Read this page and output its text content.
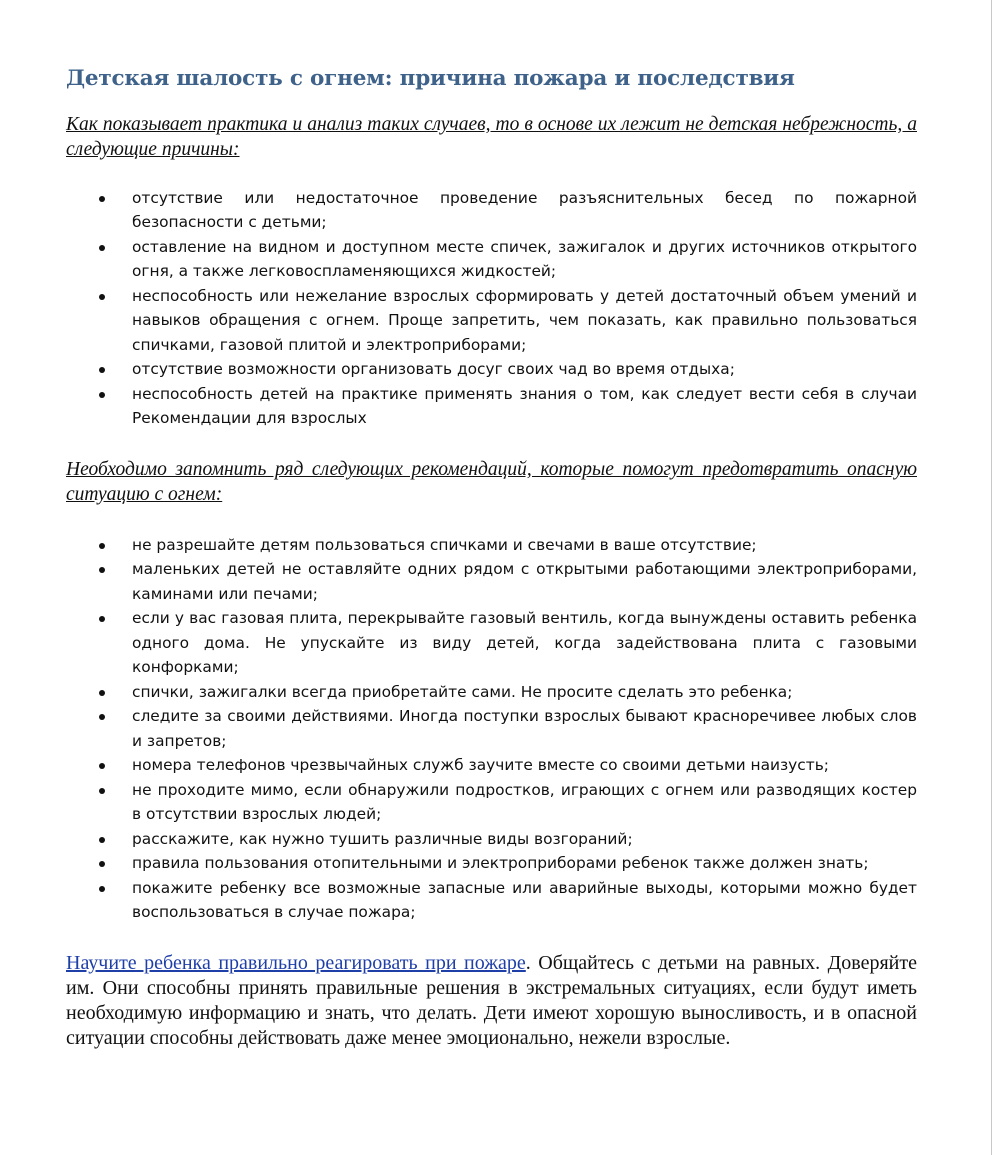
Детская шалость с огнем: причина пожара и последствия

Как показывает практика и анализ таких случаев, то в основе их лежит не детская небрежность, а следующие причины:

отсутствие или недостаточное проведение разъяснительных бесед по пожарной безопасности с детьми;
оставление на видном и доступном месте спичек, зажигалок и других источников открытого огня, а также легковоспламеняющихся жидкостей;
неспособность или нежелание взрослых сформировать у детей достаточный объем умений и навыков обращения с огнем. Проще запретить, чем показать, как правильно пользоваться спичками, газовой плитой и электроприборами;
отсутствие возможности организовать досуг своих чад во время отдыха;
неспособность детей на практике применять знания о том, как следует вести себя в случаи Рекомендации для взрослых

Необходимо запомнить ряд следующих рекомендаций, которые помогут предотвратить опасную ситуацию с огнем:

не разрешайте детям пользоваться спичками и свечами в ваше отсутствие;
маленьких детей не оставляйте одних рядом с открытыми работающими электроприборами, каминами или печами;
если у вас газовая плита, перекрывайте газовый вентиль, когда вынуждены оставить ребенка одного дома. Не упускайте из виду детей, когда задействована плита с газовыми конфорками;
спички, зажигалки всегда приобретайте сами. Не просите сделать это ребенка;
следите за своими действиями. Иногда поступки взрослых бывают красноречивее любых слов и запретов;
номера телефонов чрезвычайных служб заучите вместе со своими детьми наизусть;
не проходите мимо, если обнаружили подростков, играющих с огнем или разводящих костер в отсутствии взрослых людей;
расскажите, как нужно тушить различные виды возгораний;
правила пользования отопительными и электроприборами ребенок также должен знать;
покажите ребенку все возможные запасные или аварийные выходы, которыми можно будет воспользоваться в случае пожара;

Научите ребенка правильно реагировать при пожаре. Общайтесь с детьми на равных. Доверяйте им. Они способны принять правильные решения в экстремальных ситуациях, если будут иметь необходимую информацию и знать, что делать. Дети имеют хорошую выносливость, и в опасной ситуации способны действовать даже менее эмоционально, нежели взрослые.
